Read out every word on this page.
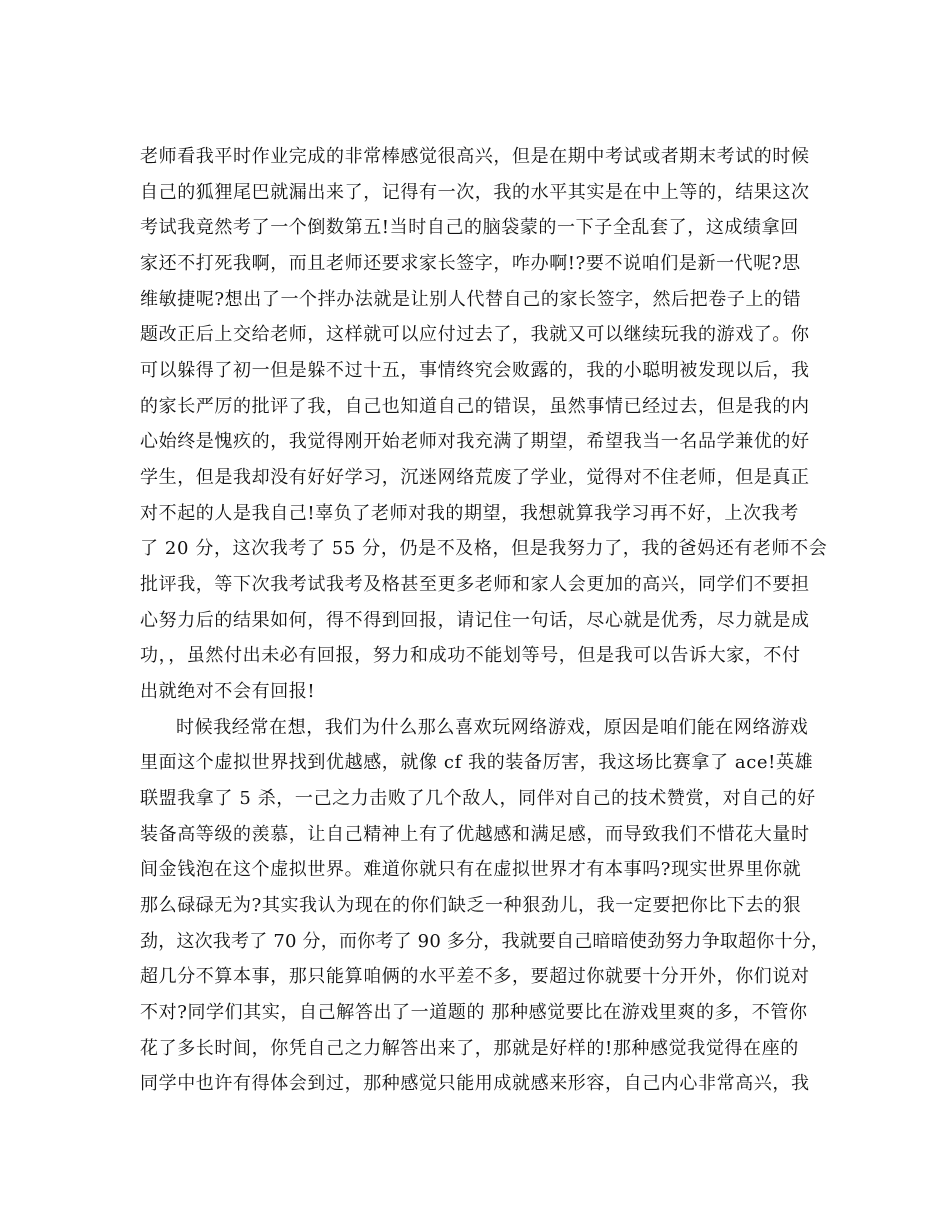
老师看我平时作业完成的非常棒感觉很高兴，但是在期中考试或者期末考试的时候
自己的狐狸尾巴就漏出来了，记得有一次，我的水平其实是在中上等的，结果这次
考试我竟然考了一个倒数第五!当时自己的脑袋蒙的一下子全乱套了，这成绩拿回
家还不打死我啊，而且老师还要求家长签字，咋办啊!?要不说咱们是新一代呢?思
维敏捷呢?想出了一个拌办法就是让别人代替自己的家长签字，然后把卷子上的错
题改正后上交给老师，这样就可以应付过去了，我就又可以继续玩我的游戏了。你
可以躲得了初一但是躲不过十五，事情终究会败露的，我的小聪明被发现以后，我
的家长严厉的批评了我，自己也知道自己的错误，虽然事情已经过去，但是我的内
心始终是愧疚的，我觉得刚开始老师对我充满了期望，希望我当一名品学兼优的好
学生，但是我却没有好好学习，沉迷网络荒废了学业，觉得对不住老师，但是真正
对不起的人是我自己!辜负了老师对我的期望，我想就算我学习再不好，上次我考
了 20 分，这次我考了 55 分，仍是不及格，但是我努力了，我的爸妈还有老师不会
批评我，等下次我考试我考及格甚至更多老师和家人会更加的高兴，同学们不要担
心努力后的结果如何，得不得到回报，请记住一句话，尽心就是优秀，尽力就是成
功，，虽然付出未必有回报，努力和成功不能划等号，但是我可以告诉大家，不付
出就绝对不会有回报!
时候我经常在想，我们为什么那么喜欢玩网络游戏，原因是咱们能在网络游戏
里面这个虚拟世界找到优越感，就像 cf 我的装备厉害，我这场比赛拿了 ace!英雄
联盟我拿了 5 杀，一己之力击败了几个敌人，同伴对自己的技术赞赏，对自己的好
装备高等级的羡慕，让自己精神上有了优越感和满足感，而导致我们不惜花大量时
间金钱泡在这个虚拟世界。难道你就只有在虚拟世界才有本事吗?现实世界里你就
那么碌碌无为?其实我认为现在的你们缺乏一种狠劲儿，我一定要把你比下去的狠
劲，这次我考了 70 分，而你考了 90 多分，我就要自己暗暗使劲努力争取超你十分，
超几分不算本事，那只能算咱俩的水平差不多，要超过你就要十分开外，你们说对
不对?同学们其实，自己解答出了一道题的 那种感觉要比在游戏里爽的多，不管你
花了多长时间，你凭自己之力解答出来了，那就是好样的!那种感觉我觉得在座的
同学中也许有得体会到过，那种感觉只能用成就感来形容，自己内心非常高兴，我
